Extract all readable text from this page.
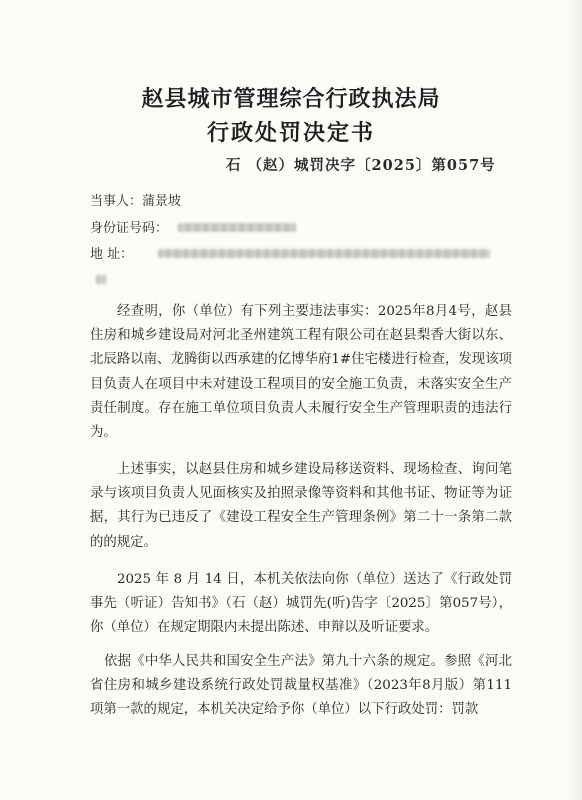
赵县城市管理综合行政执法局
行政处罚决定书
石 （赵）城罚决字〔2025〕第057号
当事人：蒲景坡
身份证号码：
地 址：

经查明，你（单位）有下列主要违法事实：2025年8月4号，赵县住房和城乡建设局对河北圣州建筑工程有限公司在赵县梨香大街以东、北辰路以南、龙腾街以西承建的亿博华府1#住宅楼进行检查，发现该项目负责人在项目中未对建设工程项目的安全施工负责，未落实安全生产责任制度。存在施工单位项目负责人未履行安全生产管理职责的违法行为。

上述事实，以赵县住房和城乡建设局移送资料、现场检查、询问笔录与该项目负责人见面核实及拍照录像等资料和其他书证、物证等为证据，其行为已违反了《建设工程安全生产管理条例》第二十一条第二款的的规定。

2025 年 8 月 14 日，本机关依法向你（单位）送达了《行政处罚事先（听证）告知书》（石（赵）城罚先(听)告字〔2025〕第057号），你（单位）在规定期限内未提出陈述、申辩以及听证要求。

依据《中华人民共和国安全生产法》第九十六条的规定。参照《河北省住房和城乡建设系统行政处罚裁量权基准》（2023年8月版）第111项第一款的规定，本机关决定给予你（单位）以下行政处罚：罚款
